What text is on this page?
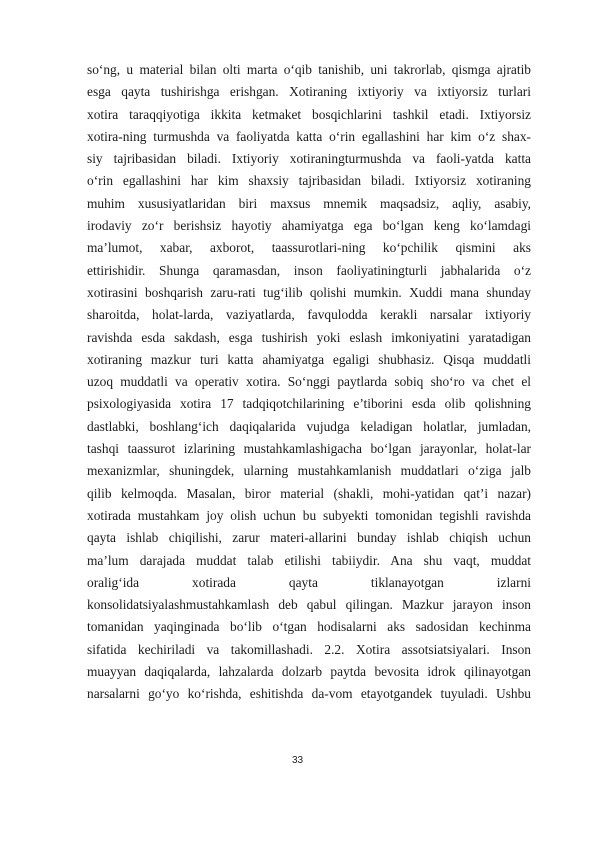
so‘ng, u material bilan olti marta o‘qib tanishib, uni takrorlab, qismga ajratib
esga qayta tushirishga erishgan. Xotiraning ixtiyoriy va ixtiyorsiz turlari
xotira taraqqiyotiga ikkita ketmaket bosqichlarini tashkil etadi. Ixtiyorsiz
xotira-ning turmushda va faoliyatda katta o‘rin egallashini har kim o‘z shax-
siy tajribasidan biladi. Ixtiyoriy xotiraningturmushda va faoli-yatda katta
o‘rin egallashini har kim shaxsiy tajribasidan biladi. Ixtiyorsiz xotiraning
muhim xususiyatlaridan biri maxsus mnemik maqsadsiz, aqliy, asabiy,
irodaviy zo‘r berishsiz hayotiy ahamiyatga ega bo‘lgan keng ko‘lamdagi
ma’lumot, xabar, axborot, taassurotlari-ning ko‘pchilik qismini aks
ettirishidir. Shunga qaramasdan, inson faoliyatiningturli jabhalarida o‘z
xotirasini boshqarish zaru-rati tug‘ilib qolishi mumkin. Xuddi mana shunday
sharoitda, holat-larda, vaziyatlarda, favqulodda kerakli narsalar ixtiyoriy
ravishda esda sakdash, esga tushirish yoki eslash imkoniyatini yaratadigan
xotiraning mazkur turi katta ahamiyatga egaligi shubhasiz. Qisqa muddatli
uzoq muddatli va operativ xotira. So‘nggi paytlarda sobiq sho‘ro va chet el
psixologiyasida xotira 17 tadqiqotchilarining e’tiborini esda olib qolishning
dastlabki, boshlang‘ich daqiqalarida vujudga keladigan holatlar, jumladan,
tashqi taassurot izlarining mustahkamlashigacha bo‘lgan jarayonlar, holat-lar
mexanizmlar, shuningdek, ularning mustahkamlanish muddatlari o‘ziga jalb
qilib kelmoqda. Masalan, biror material (shakli, mohi-yatidan qat’i nazar)
xotirada mustahkam joy olish uchun bu subyekti tomonidan tegishli ravishda
qayta ishlab chiqilishi, zarur materi-allarini bunday ishlab chiqish uchun
ma’lum darajada muddat talab etilishi tabiiydir. Ana shu vaqt, muddat
oralig‘ida xotirada qayta tiklanayotgan izlarni
konsolidatsiyalashmustahkamlash deb qabul qilingan. Mazkur jarayon inson
tomanidan yaqinginada bo‘lib o‘tgan hodisalarni aks sadosidan kechinma
sifatida kechiriladi va takomillashadi. 2.2. Xotira assotsiatsiyalari. Inson
muayyan daqiqalarda, lahzalarda dolzarb paytda bevosita idrok qilinayotgan
narsalarni go‘yo ko‘rishda, eshitishda da-vom etayotgandek tuyuladi. Ushbu
33
